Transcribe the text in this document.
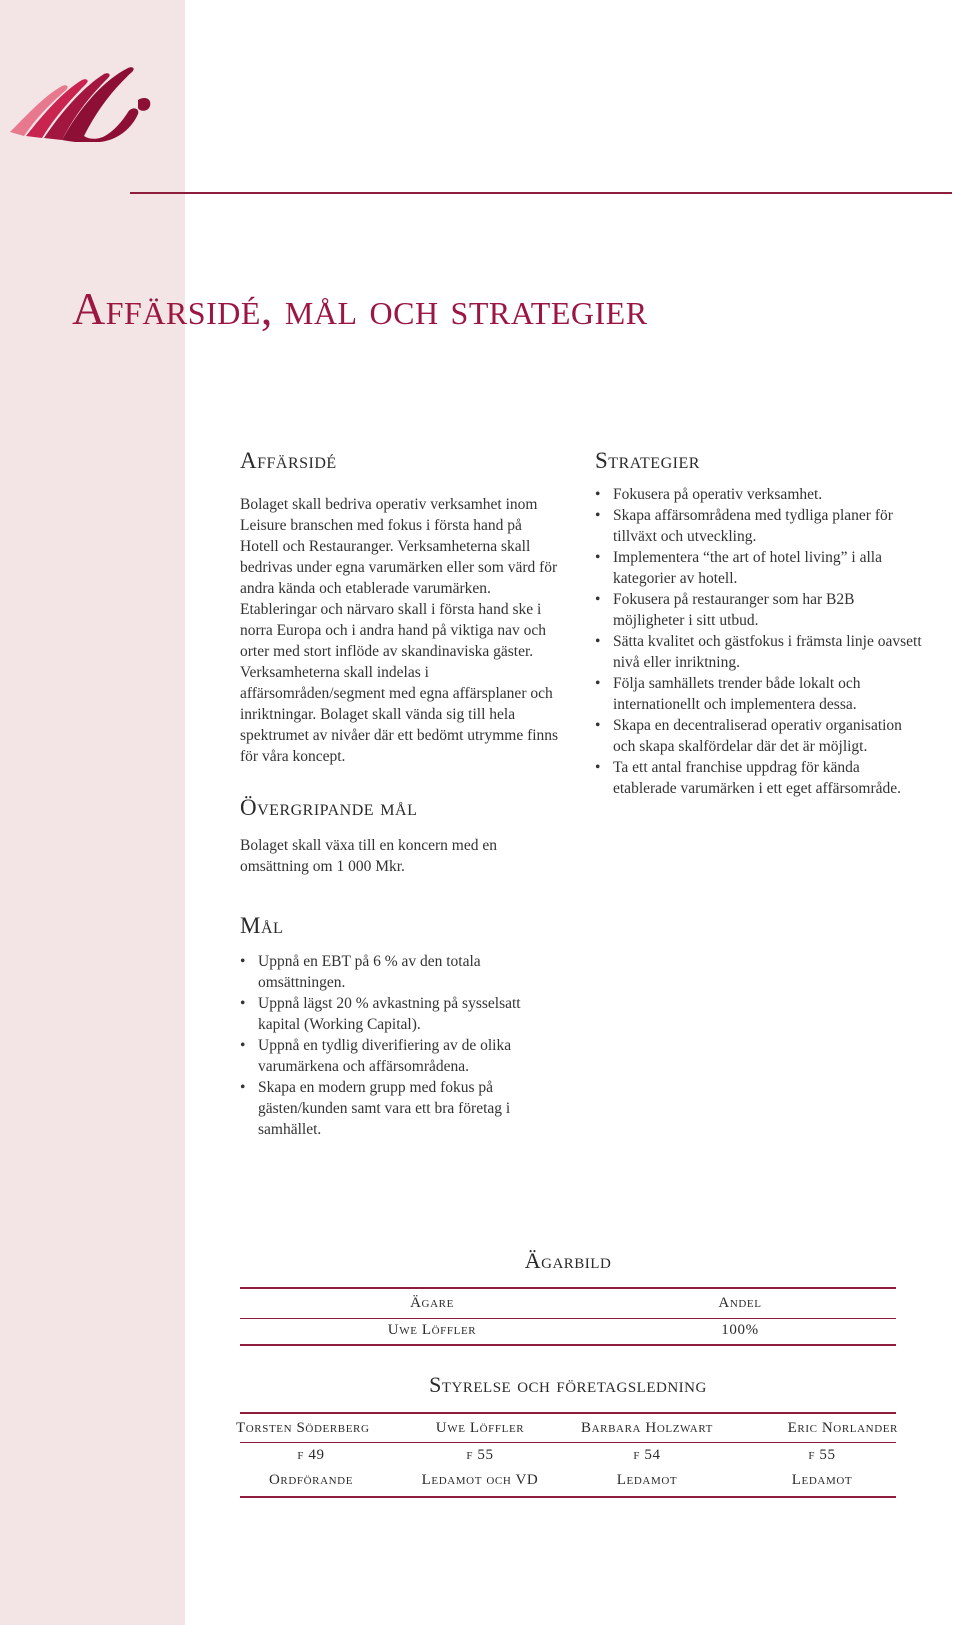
Affärsidé, mål och strategier
Affärsidé

Bolaget skall bedriva operativ verksamhet inom Leisure branschen med fokus i första hand på Hotell och Restauranger. Verksamheterna skall bedrivas under egna varumärken eller som värd för andra kända och etablerade varumärken. Etableringar och närvaro skall i första hand ske i norra Europa och i andra hand på viktiga nav och orter med stort inflöde av skandinaviska gäster. Verksamheterna skall indelas i affärsområden/segment med egna affärsplaner och inriktningar. Bolaget skall vända sig till hela spektrumet av nivåer där ett bedömt utrymme finns för våra koncept.

Övergripande mål

Bolaget skall växa till en koncern med en omsättning om 1 000 Mkr.

Strategier
• Fokusera på operativ verksamhet.
• Skapa affärsområdena med tydliga planer för tillväxt och utveckling.
• Implementera “the art of hotel living” i alla kategorier av hotell.
• Fokusera på restauranger som har B2B möjligheter i sitt utbud.
• Sätta kvalitet och gästfokus i främsta linje oavsett nivå eller inriktning.
• Följa samhällets trender både lokalt och internationellt och implementera dessa.
• Skapa en decentraliserad operativ organisation och skapa skalfördelar där det är möjligt.
• Ta ett antal franchise uppdrag för kända etablerade varumärken i ett eget affärsområde.
Mål
• Uppnå en EBT på 6 % av den totala omsättningen.
• Uppnå lägst 20 % avkastning på sysselsatt kapital (Working Capital).
• Uppnå en tydlig diverifiering av de olika varumärkena och affärsområdena.
• Skapa en modern grupp med fokus på gästen/kunden samt vara ett bra företag i samhället.
Ägarbild
Ägare	Andel
Uwe Löffler	100%
Styrelse och företagsledning
Torsten Söderberg	Uwe Löffler	Barbara Holzwart	Eric Norlander
f 49	f 55	f 54	f 55
Ordförande	Ledamot och VD	Ledamot	Ledamot
